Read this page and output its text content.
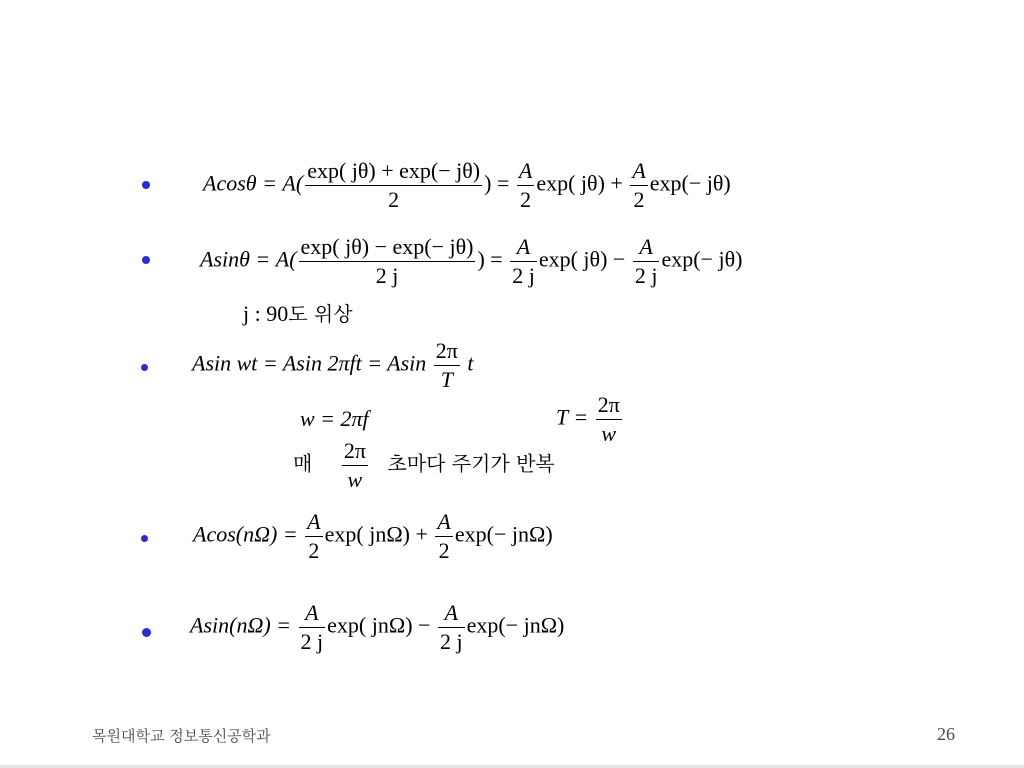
$Acos\theta = A( \frac{\exp( j\theta) + \exp(- j\theta)}{2}$ ) = $\frac{A}{2} \exp$( $j\theta) + \frac{A}{2} \exp(- j\theta)$
$Asin\theta = A( \frac{\exp( j\theta) - \exp(- j\theta)}{2 j}$ ) = $\frac{A}{2 j} \exp$( $j\theta) - \frac{A}{2 j} \exp(- j\theta)$
j : 90도 위상
Asin wt = Asin 2πft = Asin $\frac{2\pi}{T}$ t
w = 2πf	$T = \frac{2\pi}{w}$
매 $\frac{2\pi}{w}$ 초마다 주기가 반복
$Acos(n\Omega) = \frac{A}{2} \exp$( $jn\Omega) + \frac{A}{2} \exp(- jn\Omega)$
$Asin(n\Omega) = \frac{A}{2 j} \exp$( $jn\Omega) - \frac{A}{2 j} \exp(- jn\Omega)$
목원대학교 정보통신공학과	26
